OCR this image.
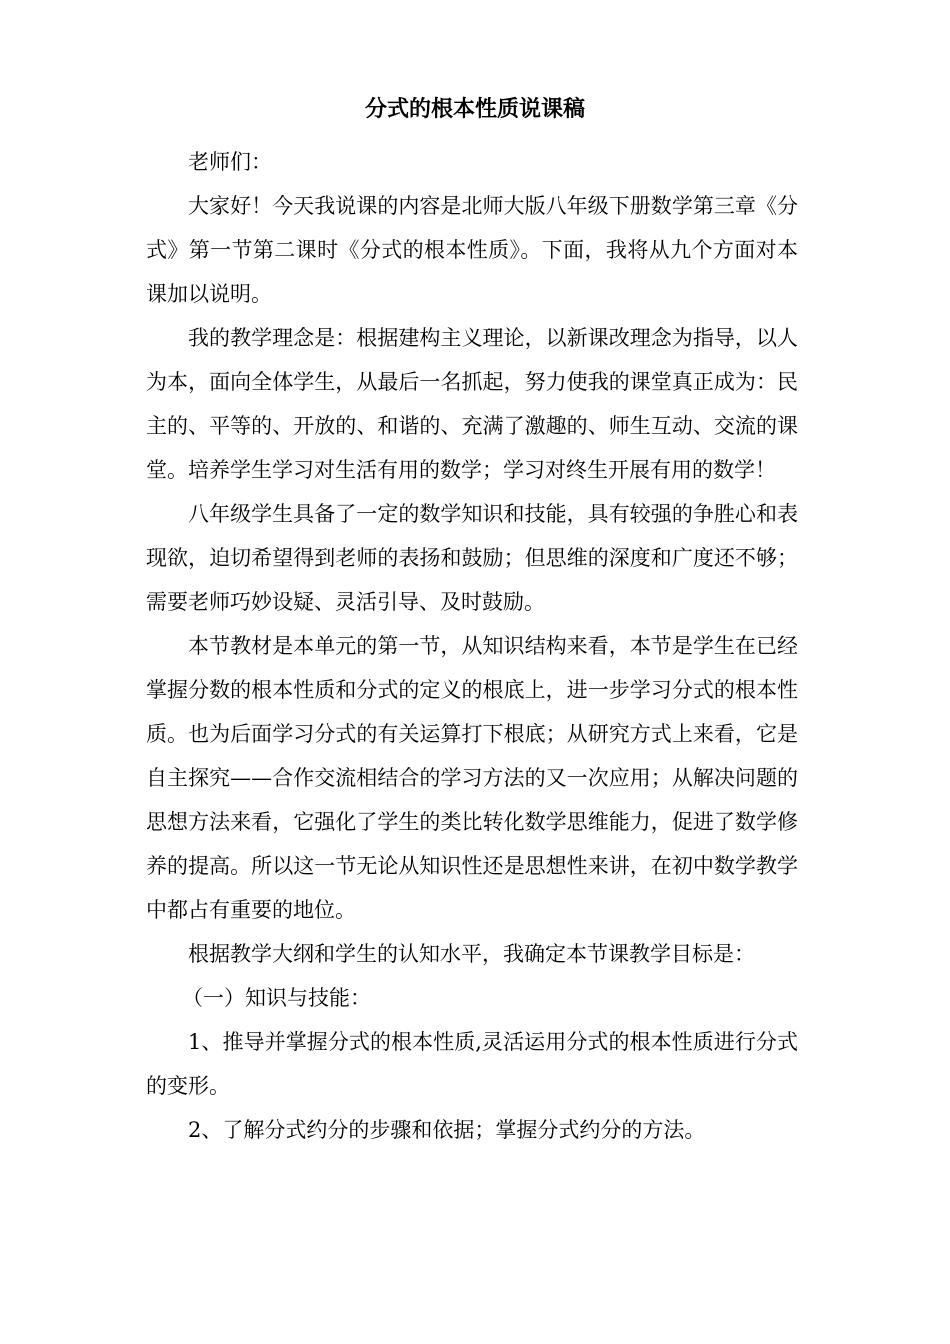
分式的根本性质说课稿

老师们：

大家好！今天我说课的内容是北师大版八年级下册数学第三章《分式》第一节第二课时《分式的根本性质》。下面，我将从九个方面对本课加以说明。

我的教学理念是：根据建构主义理论，以新课改理念为指导，以人为本，面向全体学生，从最后一名抓起，努力使我的课堂真正成为：民主的、平等的、开放的、和谐的、充满了激趣的、师生互动、交流的课堂。培养学生学习对生活有用的数学；学习对终生开展有用的数学！

八年级学生具备了一定的数学知识和技能，具有较强的争胜心和表现欲，迫切希望得到老师的表扬和鼓励；但思维的深度和广度还不够；需要老师巧妙设疑、灵活引导、及时鼓励。

本节教材是本单元的第一节，从知识结构来看，本节是学生在已经掌握分数的根本性质和分式的定义的根底上，进一步学习分式的根本性质。也为后面学习分式的有关运算打下根底；从研究方式上来看，它是自主探究——合作交流相结合的学习方法的又一次应用；从解决问题的思想方法来看，它强化了学生的类比转化数学思维能力，促进了数学修养的提高。所以这一节无论从知识性还是思想性来讲，在初中数学教学中都占有重要的地位。

根据教学大纲和学生的认知水平，我确定本节课教学目标是：

（一）知识与技能：

1、推导并掌握分式的根本性质,灵活运用分式的根本性质进行分式的变形。

2、了解分式约分的步骤和依据；掌握分式约分的方法。
